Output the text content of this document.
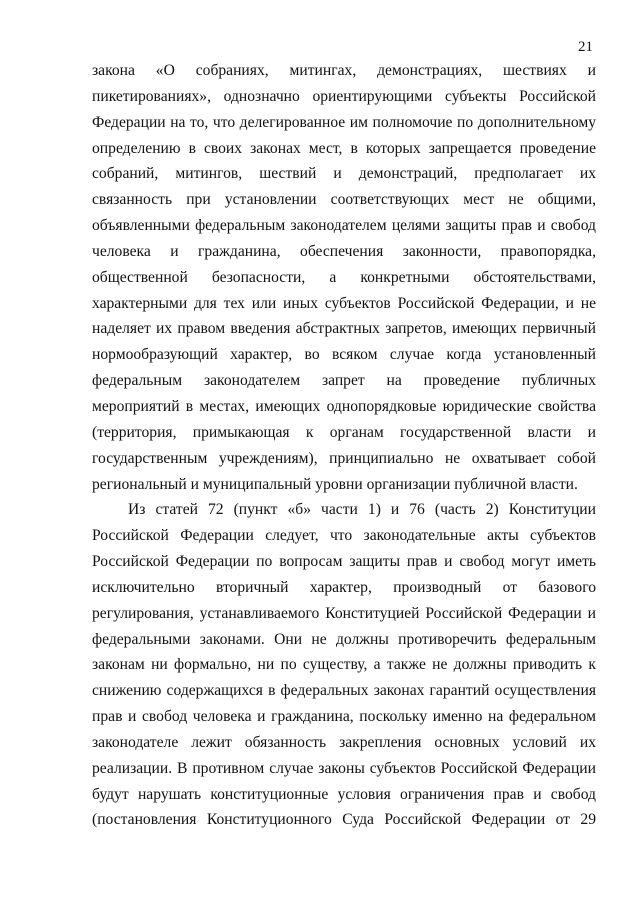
21
закона «О собраниях, митингах, демонстрациях, шествиях и
пикетированиях», однозначно ориентирующими субъекты Российской
Федерации на то, что делегированное им полномочие по дополнительному
определению в своих законах мест, в которых запрещается проведение
собраний, митингов, шествий и демонстраций, предполагает их
связанность при установлении соответствующих мест не общими,
объявленными федеральным законодателем целями защиты прав и свобод
человека и гражданина, обеспечения законности, правопорядка,
общественной безопасности, а конкретными обстоятельствами,
характерными для тех или иных субъектов Российской Федерации, и не
наделяет их правом введения абстрактных запретов, имеющих первичный
нормообразующий характер, во всяком случае когда установленный
федеральным законодателем запрет на проведение публичных
мероприятий в местах, имеющих однопорядковые юридические свойства
(территория, примыкающая к органам государственной власти и
государственным учреждениям), принципиально не охватывает собой
региональный и муниципальный уровни организации публичной власти.
Из статей 72 (пункт «б» части 1) и 76 (часть 2) Конституции
Российской Федерации следует, что законодательные акты субъектов
Российской Федерации по вопросам защиты прав и свобод могут иметь
исключительно вторичный характер, производный от базового
регулирования, устанавливаемого Конституцией Российской Федерации и
федеральными законами. Они не должны противоречить федеральным
законам ни формально, ни по существу, а также не должны приводить к
снижению содержащихся в федеральных законах гарантий осуществления
прав и свобод человека и гражданина, поскольку именно на федеральном
законодателе лежит обязанность закрепления основных условий их
реализации. В противном случае законы субъектов Российской Федерации
будут нарушать конституционные условия ограничения прав и свобод
(постановления Конституционного Суда Российской Федерации от 29
